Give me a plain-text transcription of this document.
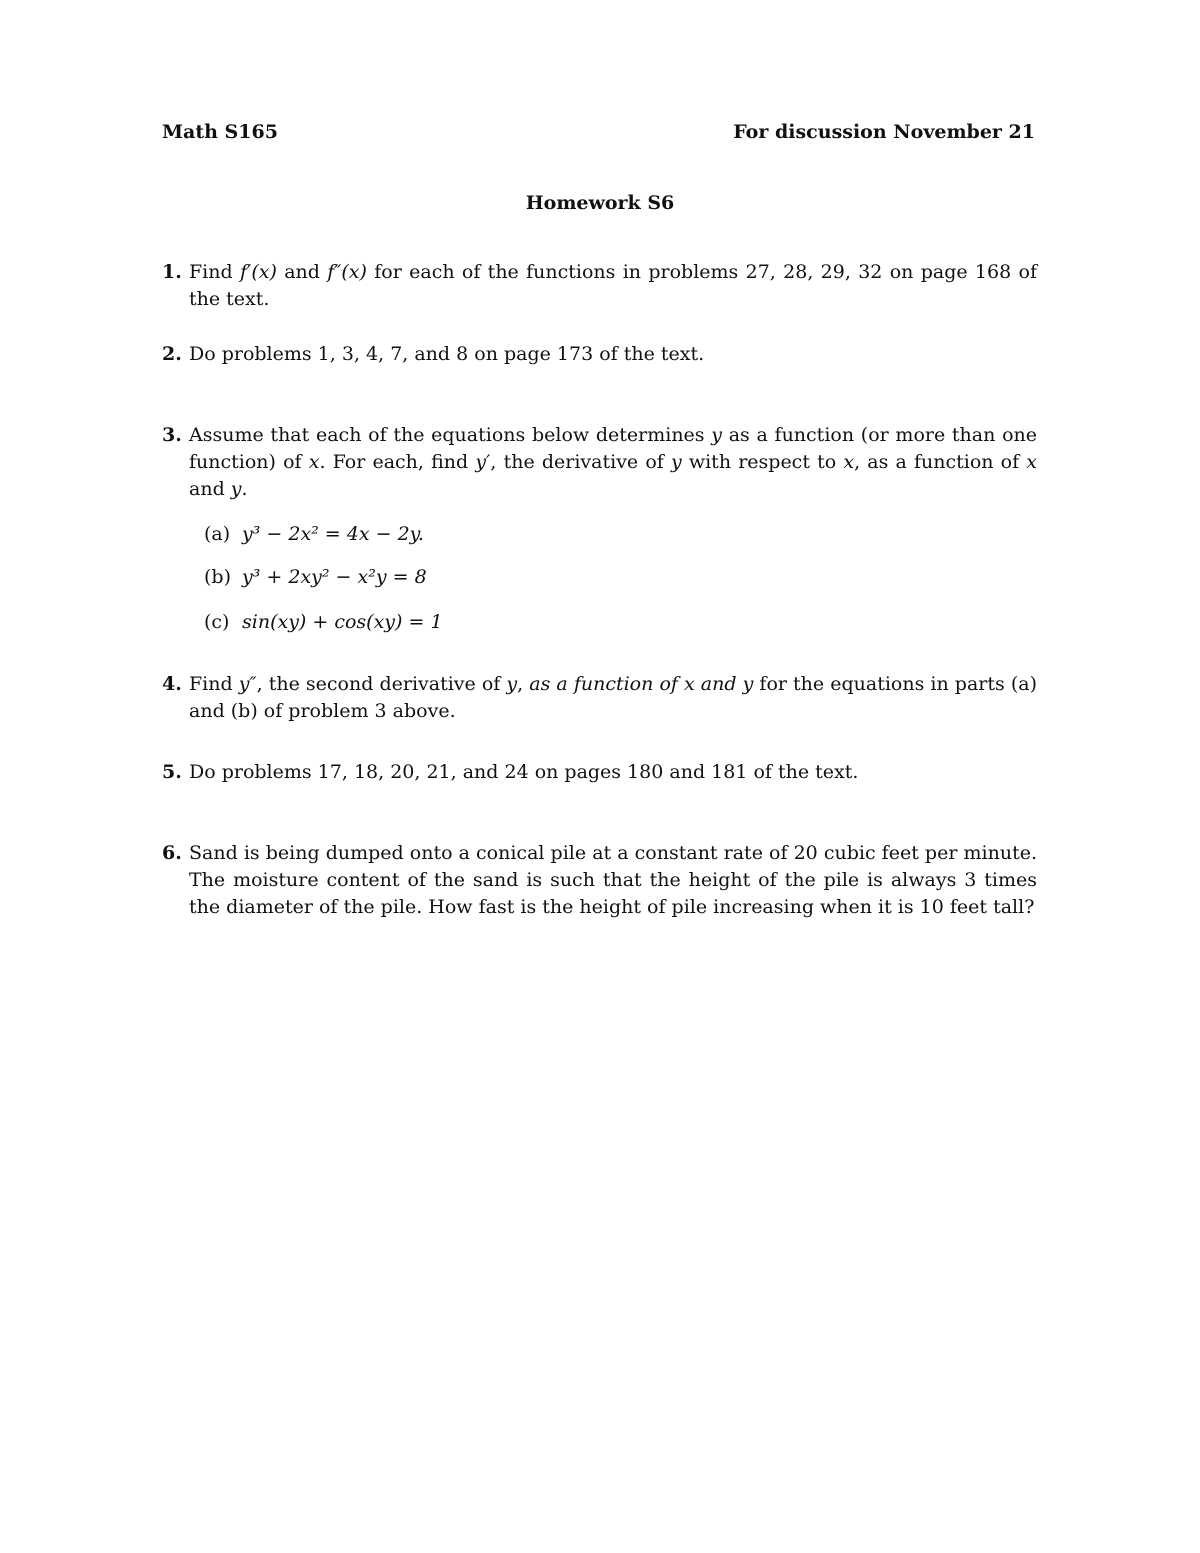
Math S165	For discussion November 21
Homework S6
1. Find f′(x) and f″(x) for each of the functions in problems 27, 28, 29, 32 on page 168 of the text.
2. Do problems 1, 3, 4, 7, and 8 on page 173 of the text.
3. Assume that each of the equations below determines y as a function (or more than one function) of x. For each, find y′, the derivative of y with respect to x, as a function of x and y.
(a) y³ − 2x² = 4x − 2y.
(b) y³ + 2xy² − x²y = 8
(c) sin(xy) + cos(xy) = 1
4. Find y″, the second derivative of y, as a function of x and y for the equations in parts (a) and (b) of problem 3 above.
5. Do problems 17, 18, 20, 21, and 24 on pages 180 and 181 of the text.
6. Sand is being dumped onto a conical pile at a constant rate of 20 cubic feet per minute. The moisture content of the sand is such that the height of the pile is always 3 times the diameter of the pile. How fast is the height of pile increasing when it is 10 feet tall?
